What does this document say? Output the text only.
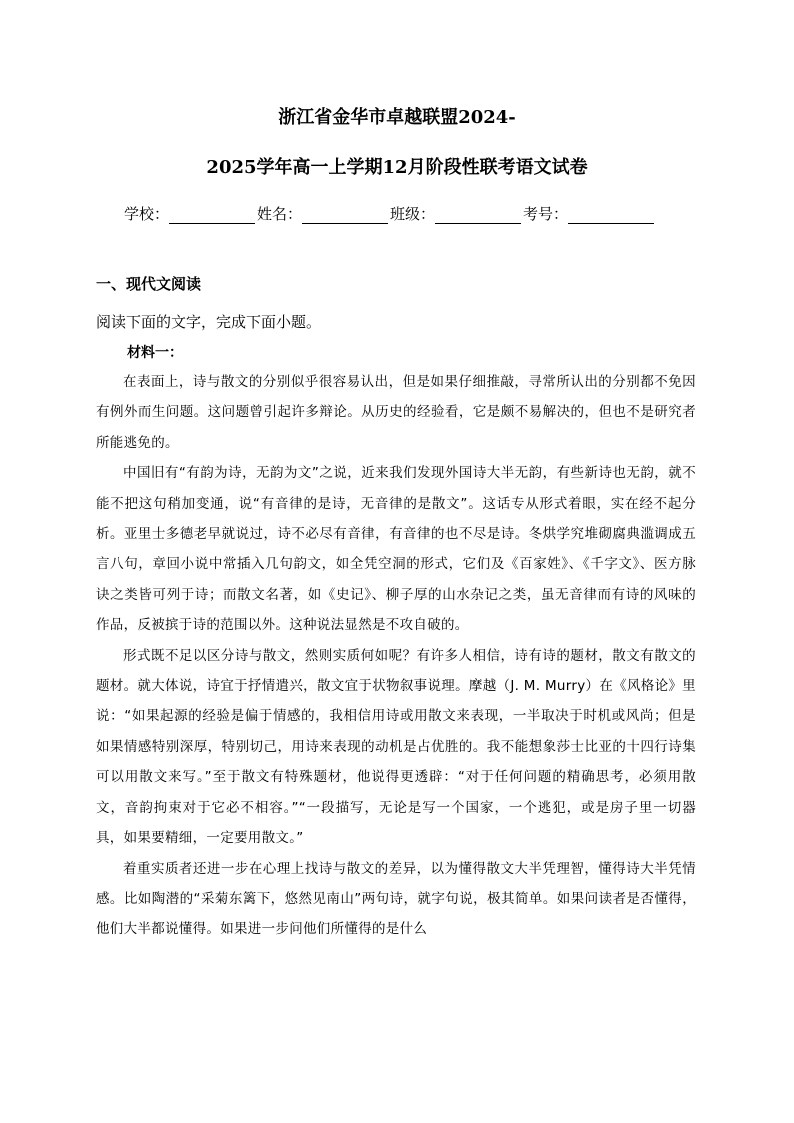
浙江省金华市卓越联盟2024-
2025学年高一上学期12月阶段性联考语文试卷
学校：	姓名：	班级：	考号：
一、现代文阅读
阅读下面的文字，完成下面小题。
材料一：

在表面上，诗与散文的分别似乎很容易认出，但是如果仔细推敲，寻常所认出的分别都不免因有例外而生问题。这问题曾引起许多辩论。从历史的经验看，它是颇不易解决的，但也不是研究者所能逃免的。

中国旧有“有韵为诗，无韵为文”之说，近来我们发现外国诗大半无韵，有些新诗也无韵，就不能不把这句稍加变通，说“有音律的是诗，无音律的是散文”。这话专从形式着眼，实在经不起分析。亚里士多德老早就说过，诗不必尽有音律，有音律的也不尽是诗。冬烘学究堆砌腐典滥调成五言八句，章回小说中常插入几句韵文，如全凭空洞的形式，它们及《百家姓》、《千字文》、医方脉诀之类皆可列于诗；而散文名著，如《史记》、柳子厚的山水杂记之类，虽无音律而有诗的风味的作品，反被摈于诗的范围以外。这种说法显然是不攻自破的。

形式既不足以区分诗与散文，然则实质何如呢？有许多人相信，诗有诗的题材，散文有散文的题材。就大体说，诗宜于抒情遣兴，散文宜于状物叙事说理。摩越（J. M. Murry）在《风格论》里说：“如果起源的经验是偏于情感的，我相信用诗或用散文来表现，一半取决于时机或风尚；但是如果情感特别深厚，特别切己，用诗来表现的动机是占优胜的。我不能想象莎士比亚的十四行诗集可以用散文来写。”至于散文有特殊题材，他说得更透辟：“对于任何问题的精确思考，必须用散文，音韵拘束对于它必不相容。”“一段描写，无论是写一个国家，一个逃犯，或是房子里一切器具，如果要精细，一定要用散文。”

着重实质者还进一步在心理上找诗与散文的差异，以为懂得散文大半凭理智，懂得诗大半凭情感。比如陶潜的“采菊东篱下，悠然见南山”两句诗，就字句说，极其简单。如果问读者是否懂得，他们大半都说懂得。如果进一步问他们所懂得的是什么
